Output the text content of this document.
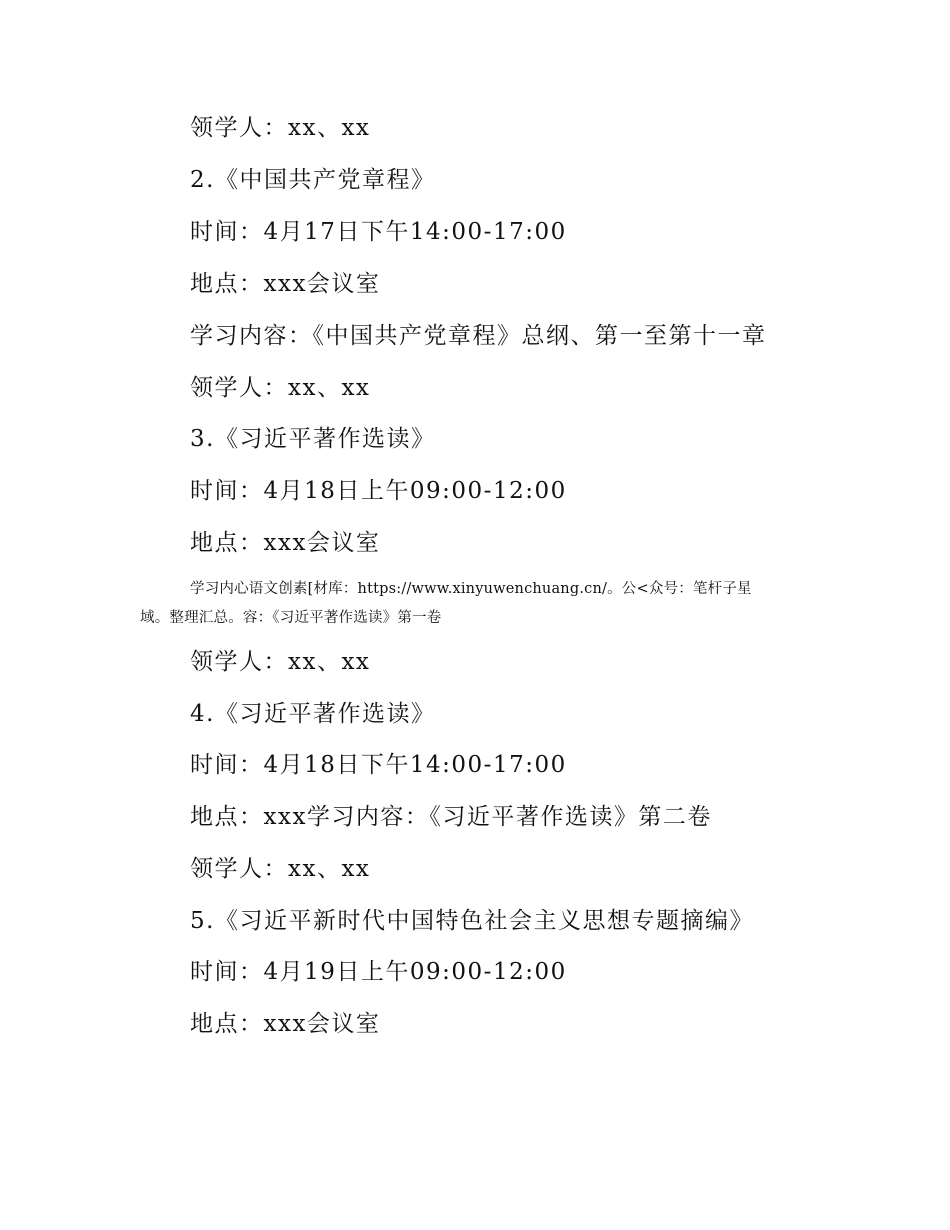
领学人：xx、xx
2.《中国共产党章程》
时间：4月17日下午14:00-17:00
地点：xxx会议室
学习内容：《中国共产党章程》总纲、第一至第十一章
领学人：xx、xx
3.《习近平著作选读》
时间：4月18日上午09:00-12:00
地点：xxx会议室
学习内心语文创素[材库：https://www.xinyuwenchuang.cn/。公<众号：笔杆子星
域。整理汇总。容：《习近平著作选读》第一卷
领学人：xx、xx
4.《习近平著作选读》
时间：4月18日下午14:00-17:00
地点：xxx学习内容：《习近平著作选读》第二卷
领学人：xx、xx
5.《习近平新时代中国特色社会主义思想专题摘编》
时间：4月19日上午09:00-12:00
地点：xxx会议室
